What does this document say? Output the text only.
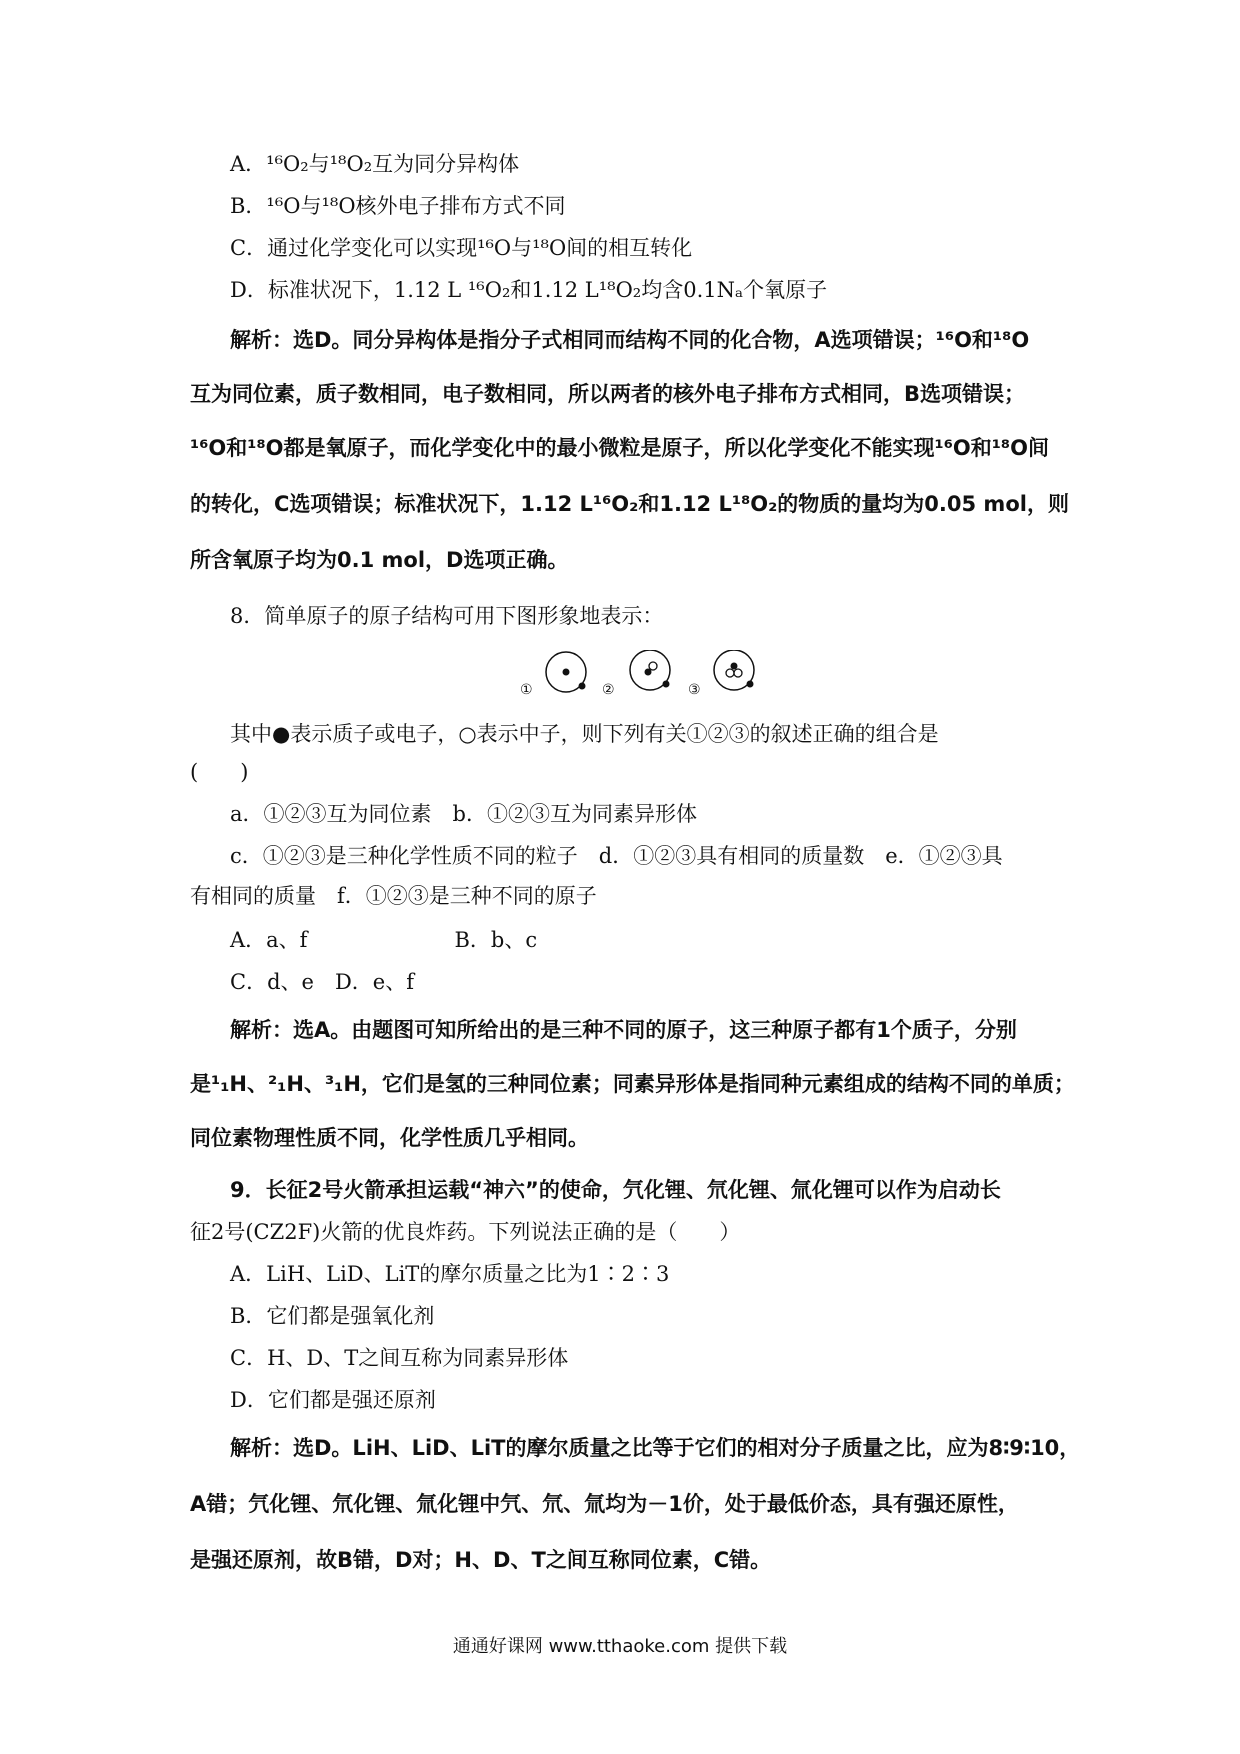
A．¹⁶O₂与¹⁸O₂互为同分异构体
B．¹⁶O与¹⁸O核外电子排布方式不同
C．通过化学变化可以实现¹⁶O与¹⁸O间的相互转化
D．标准状况下，1.12 L ¹⁶O₂和1.12 L¹⁸O₂均含0.1Nₐ个氧原子
解析：选D。同分异构体是指分子式相同而结构不同的化合物，A选项错误；¹⁶O和¹⁸O
互为同位素，质子数相同，电子数相同，所以两者的核外电子排布方式相同，B选项错误；
¹⁶O和¹⁸O都是氧原子，而化学变化中的最小微粒是原子，所以化学变化不能实现¹⁶O和¹⁸O间
的转化，C选项错误；标准状况下，1.12 L¹⁶O₂和1.12 L¹⁸O₂的物质的量均为0.05 mol，则
所含氧原子均为0.1 mol，D选项正确。
8．简单原子的原子结构可用下图形象地表示：
①	②	③
其中●表示质子或电子，○表示中子，则下列有关①②③的叙述正确的组合是
(　　)
a．①②③互为同位素　b．①②③互为同素异形体
c．①②③是三种化学性质不同的粒子　d．①②③具有相同的质量数　e．①②③具
有相同的质量　f．①②③是三种不同的原子
A．a、f　　　　　　　B．b、c
C．d、e　D．e、f
解析：选A。由题图可知所给出的是三种不同的原子，这三种原子都有1个质子，分别
是¹₁H、²₁H、³₁H，它们是氢的三种同位素；同素异形体是指同种元素组成的结构不同的单质；
同位素物理性质不同，化学性质几乎相同。
9．长征2号火箭承担运载“神六”的使命，氕化锂、氘化锂、氚化锂可以作为启动长
征2号(CZ2F)火箭的优良炸药。下列说法正确的是（　　）
A．LiH、LiD、LiT的摩尔质量之比为1∶2∶3
B．它们都是强氧化剂
C．H、D、T之间互称为同素异形体
D．它们都是强还原剂
解析：选D。LiH、LiD、LiT的摩尔质量之比等于它们的相对分子质量之比，应为8∶9∶10，
A错；氕化锂、氘化锂、氚化锂中氕、氘、氚均为－1价，处于最低价态，具有强还原性，
是强还原剂，故B错，D对；H、D、T之间互称同位素，C错。
通通好课网 www.tthaoke.com 提供下载
